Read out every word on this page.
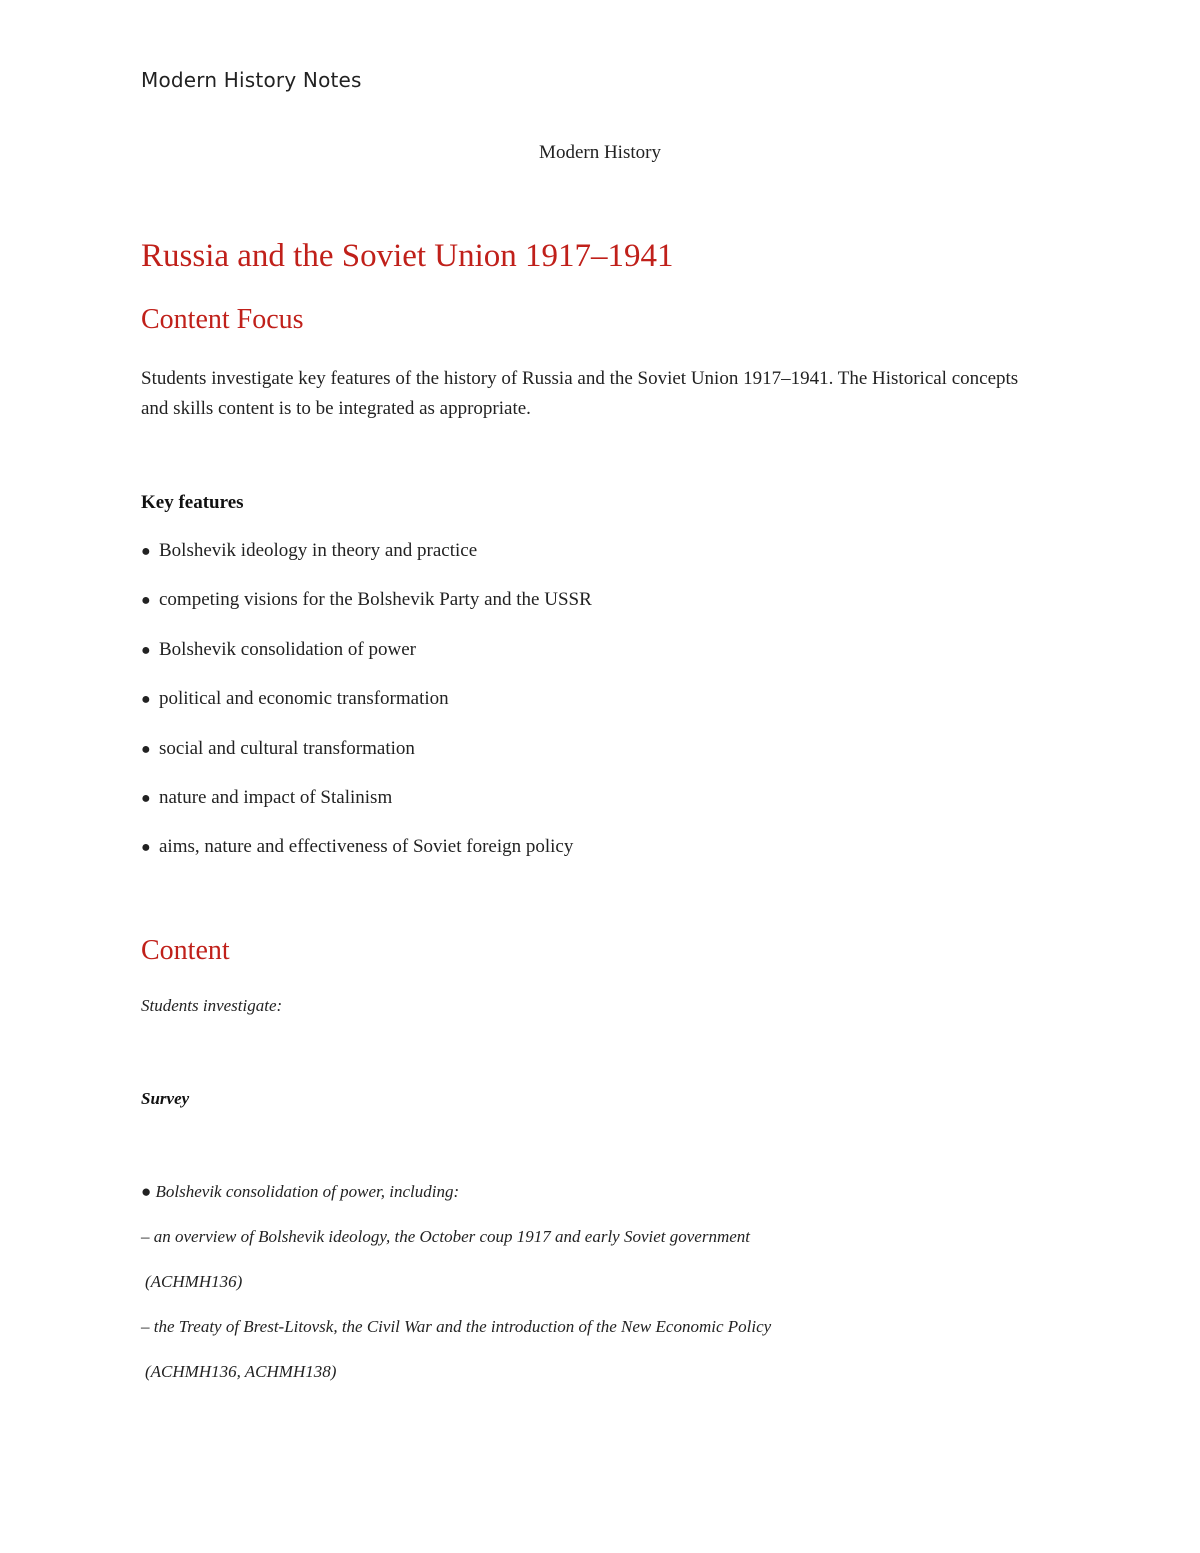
Modern History Notes
Modern History
Russia and the Soviet Union 1917–1941
Content Focus

Students investigate key features of the history of Russia and the Soviet Union 1917–1941. The Historical concepts and skills content is to be integrated as appropriate.

Key features
● Bolshevik ideology in theory and practice
● competing visions for the Bolshevik Party and the USSR
● Bolshevik consolidation of power
● political and economic transformation
● social and cultural transformation
● nature and impact of Stalinism
● aims, nature and effectiveness of Soviet foreign policy
Content
Students investigate:
Survey
● Bolshevik consolidation of power, including:
– an overview of Bolshevik ideology, the October coup 1917 and early Soviet government
(ACHMH136)
– the Treaty of Brest-Litovsk, the Civil War and the introduction of the New Economic Policy
(ACHMH136, ACHMH138)
